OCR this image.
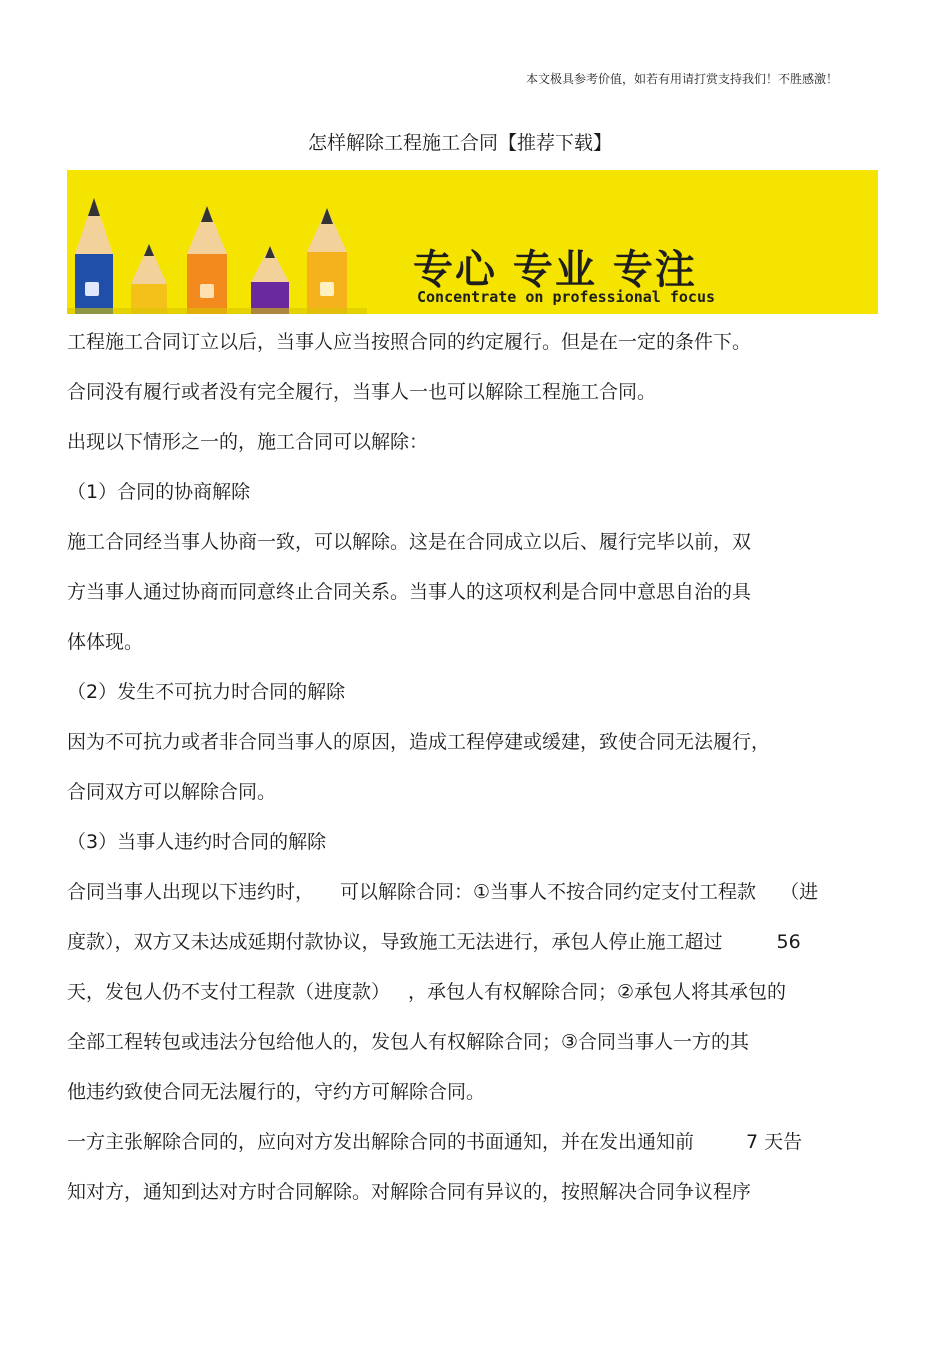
本文极具参考价值，如若有用请打赏支持我们！不胜感激！
怎样解除工程施工合同【推荐下载】
专心 专业 专注
Concentrate on professional focus
工程施工合同订立以后，当事人应当按照合同的约定履行。但是在一定的条件下。
合同没有履行或者没有完全履行，当事人一也可以解除工程施工合同。
出现以下情形之一的，施工合同可以解除：
（1）合同的协商解除
施工合同经当事人协商一致，可以解除。这是在合同成立以后、履行完毕以前，双
方当事人通过协商而同意终止合同关系。当事人的这项权利是合同中意思自治的具
体体现。
（2）发生不可抗力时合同的解除
因为不可抗力或者非合同当事人的原因，造成工程停建或缓建，致使合同无法履行，
合同双方可以解除合同。
（3）当事人违约时合同的解除
合同当事人出现以下违约时， 可以解除合同：①当事人不按合同约定支付工程款 （进
度款），双方又未达成延期付款协议，导致施工无法进行，承包人停止施工超过	56
天，发包人仍不支付工程款（进度款） ，承包人有权解除合同；②承包人将其承包的
全部工程转包或违法分包给他人的，发包人有权解除合同；③合同当事人一方的其
他违约致使合同无法履行的，守约方可解除合同。
一方主张解除合同的，应向对方发出解除合同的书面通知，并在发出通知前	7 天告
知对方，通知到达对方时合同解除。对解除合同有异议的，按照解决合同争议程序
